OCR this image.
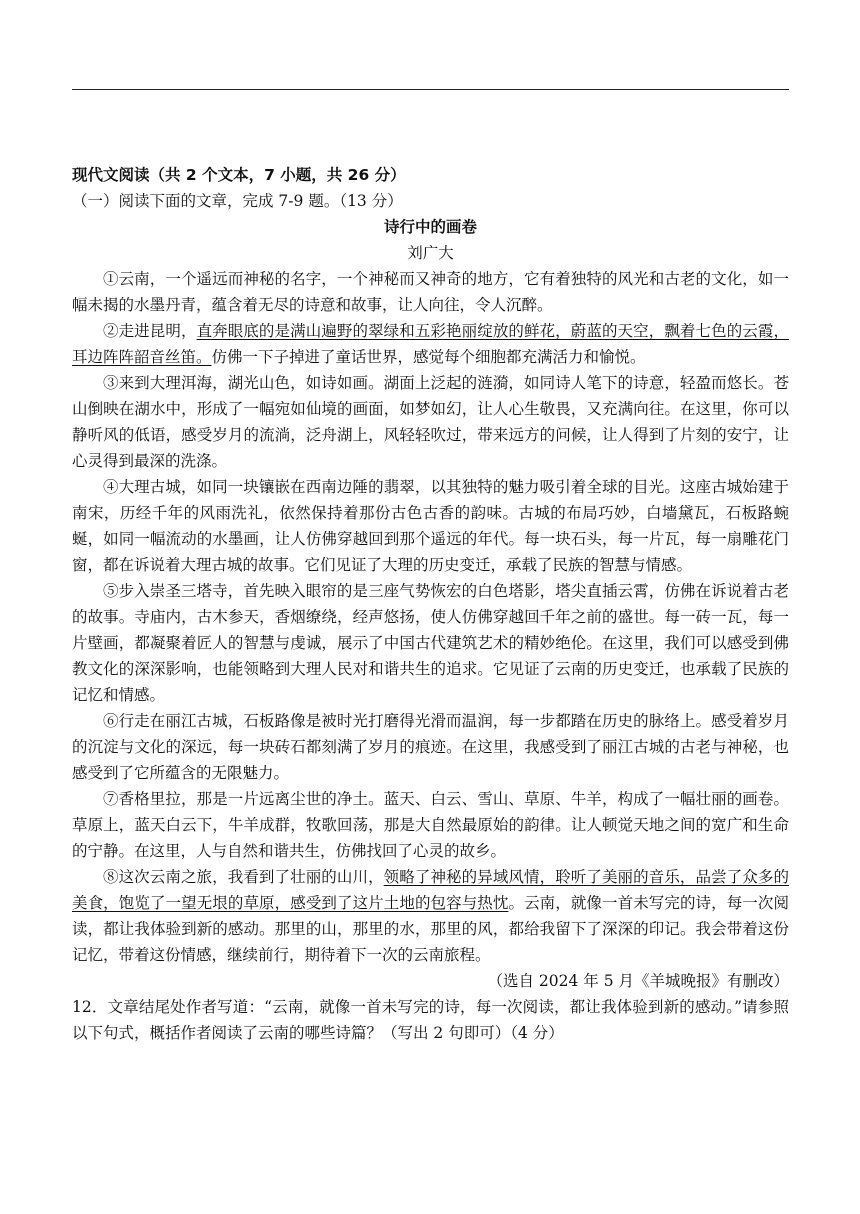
现代文阅读（共 2 个文本，7 小题，共 26 分）

（一）阅读下面的文章，完成 7-9 题。（13 分）

诗行中的画卷

刘广大

①云南，一个遥远而神秘的名字，一个神秘而又神奇的地方，它有着独特的风光和古老的文化，如一幅未揭的水墨丹青，蕴含着无尽的诗意和故事，让人向往，令人沉醉。

②走进昆明，直奔眼底的是满山遍野的翠绿和五彩艳丽绽放的鲜花，蔚蓝的天空，飘着七色的云霞，耳边阵阵韶音丝笛。仿佛一下子掉进了童话世界，感觉每个细胞都充满活力和愉悦。

③来到大理洱海，湖光山色，如诗如画。湖面上泛起的涟漪，如同诗人笔下的诗意，轻盈而悠长。苍山倒映在湖水中，形成了一幅宛如仙境的画面，如梦如幻，让人心生敬畏，又充满向往。在这里，你可以静听风的低语，感受岁月的流淌，泛舟湖上，风轻轻吹过，带来远方的问候，让人得到了片刻的安宁，让心灵得到最深的洗涤。

④大理古城，如同一块镶嵌在西南边陲的翡翠，以其独特的魅力吸引着全球的目光。这座古城始建于南宋，历经千年的风雨洗礼，依然保持着那份古色古香的韵味。古城的布局巧妙，白墙黛瓦，石板路蜿蜒，如同一幅流动的水墨画，让人仿佛穿越回到那个遥远的年代。每一块石头，每一片瓦，每一扇雕花门窗，都在诉说着大理古城的故事。它们见证了大理的历史变迁，承载了民族的智慧与情感。

⑤步入崇圣三塔寺，首先映入眼帘的是三座气势恢宏的白色塔影，塔尖直插云霄，仿佛在诉说着古老的故事。寺庙内，古木参天，香烟缭绕，经声悠扬，使人仿佛穿越回千年之前的盛世。每一砖一瓦，每一片壁画，都凝聚着匠人的智慧与虔诚，展示了中国古代建筑艺术的精妙绝伦。在这里，我们可以感受到佛教文化的深深影响，也能领略到大理人民对和谐共生的追求。它见证了云南的历史变迁，也承载了民族的记忆和情感。

⑥行走在丽江古城，石板路像是被时光打磨得光滑而温润，每一步都踏在历史的脉络上。感受着岁月的沉淀与文化的深远，每一块砖石都刻满了岁月的痕迹。在这里，我感受到了丽江古城的古老与神秘，也感受到了它所蕴含的无限魅力。

⑦香格里拉，那是一片远离尘世的净土。蓝天、白云、雪山、草原、牛羊，构成了一幅壮丽的画卷。草原上，蓝天白云下，牛羊成群，牧歌回荡，那是大自然最原始的韵律。让人顿觉天地之间的宽广和生命的宁静。在这里，人与自然和谐共生，仿佛找回了心灵的故乡。

⑧这次云南之旅，我看到了壮丽的山川，领略了神秘的异域风情，聆听了美丽的音乐，品尝了众多的美食，饱览了一望无垠的草原，感受到了这片土地的包容与热忱。云南，就像一首未写完的诗，每一次阅读，都让我体验到新的感动。那里的山，那里的水，那里的风，都给我留下了深深的印记。我会带着这份记忆，带着这份情感，继续前行，期待着下一次的云南旅程。

（选自 2024 年 5 月《羊城晚报》有删改）

12．文章结尾处作者写道：“云南，就像一首未写完的诗，每一次阅读，都让我体验到新的感动。”请参照以下句式，概括作者阅读了云南的哪些诗篇？（写出 2 句即可）（4 分）
